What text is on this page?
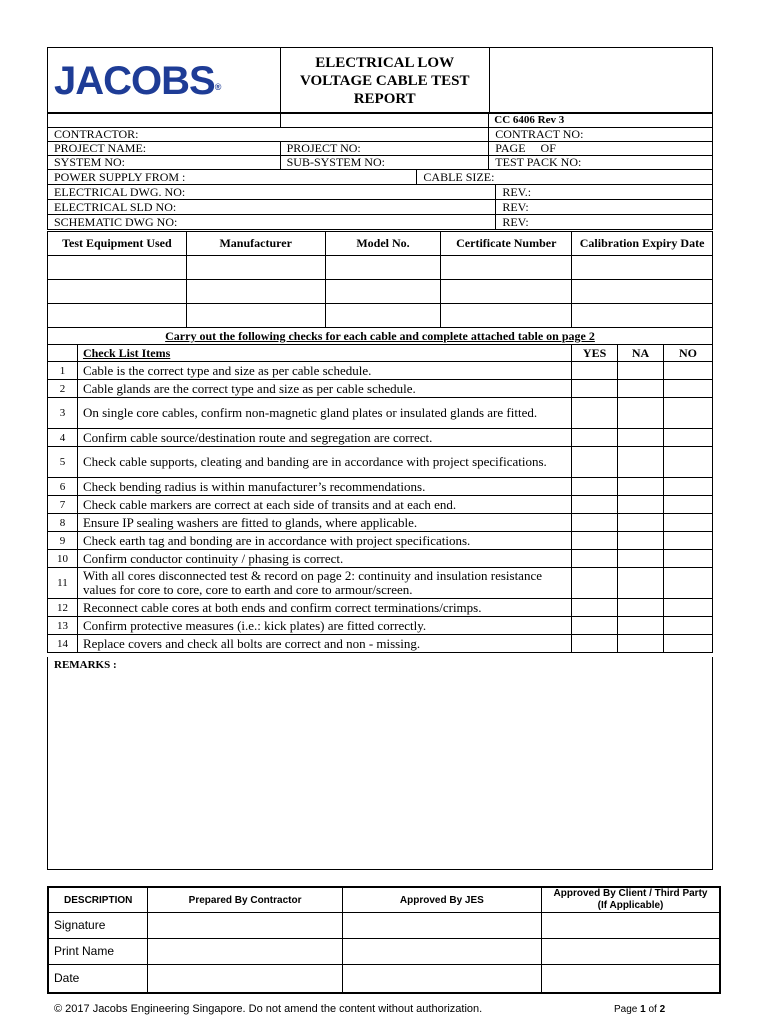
JACOBS®	
ELECTRICAL LOW VOLTAGE CABLE TEST REPORT

		CC 6406 Rev 3
CONTRACTOR:		CONTRACT NO:
PROJECT NAME:	PROJECT NO:	PAGE     OF
SYSTEM NO:	SUB-SYSTEM NO:	TEST PACK NO:
POWER SUPPLY FROM :	CABLE SIZE:
ELECTRICAL DWG. NO:	REV.:
ELECTRICAL SLD NO:	REV:
SCHEMATIC DWG NO:	REV:
Test Equipment Used	Manufacturer	Model No.	Certificate Number	Calibration Expiry Date

Carry out the following checks for each cable and complete attached table on page 2				
	Check List Items	YES	NA	NO
1	Cable is the correct type and size as per cable schedule.			
2	Cable glands are the correct type and size as per cable schedule.			
3	On single core cables, confirm non-magnetic gland plates or insulated glands are fitted.			
4	Confirm cable source/destination route and segregation are correct.			
5	Check cable supports, cleating and banding are in accordance with project specifications.			
6	Check bending radius is within manufacturer’s recommendations.			
7	Check cable markers are correct at each side of transits and at each end.			
8	Ensure IP sealing washers are fitted to glands, where applicable.			
9	Check earth tag and bonding are in accordance with project specifications.			
10	Confirm conductor continuity / phasing is correct.			
11	With all cores disconnected test & record on page 2: continuity and insulation resistance values for core to core, core to earth and core to armour/screen.			
12	Reconnect cable cores at both ends and confirm correct terminations/crimps.			
13	Confirm protective measures (i.e.: kick plates) are fitted correctly.			
14	Replace covers and check all bolts are correct and non - missing.			
REMARKS :
DESCRIPTION	Prepared By Contractor	Approved By JES	Approved By Client / Third Party
(If Applicable)

Signature			
Print Name			
Date			
© 2017 Jacobs Engineering Singapore. Do not amend the content without authorization.	Page 1 of 2
